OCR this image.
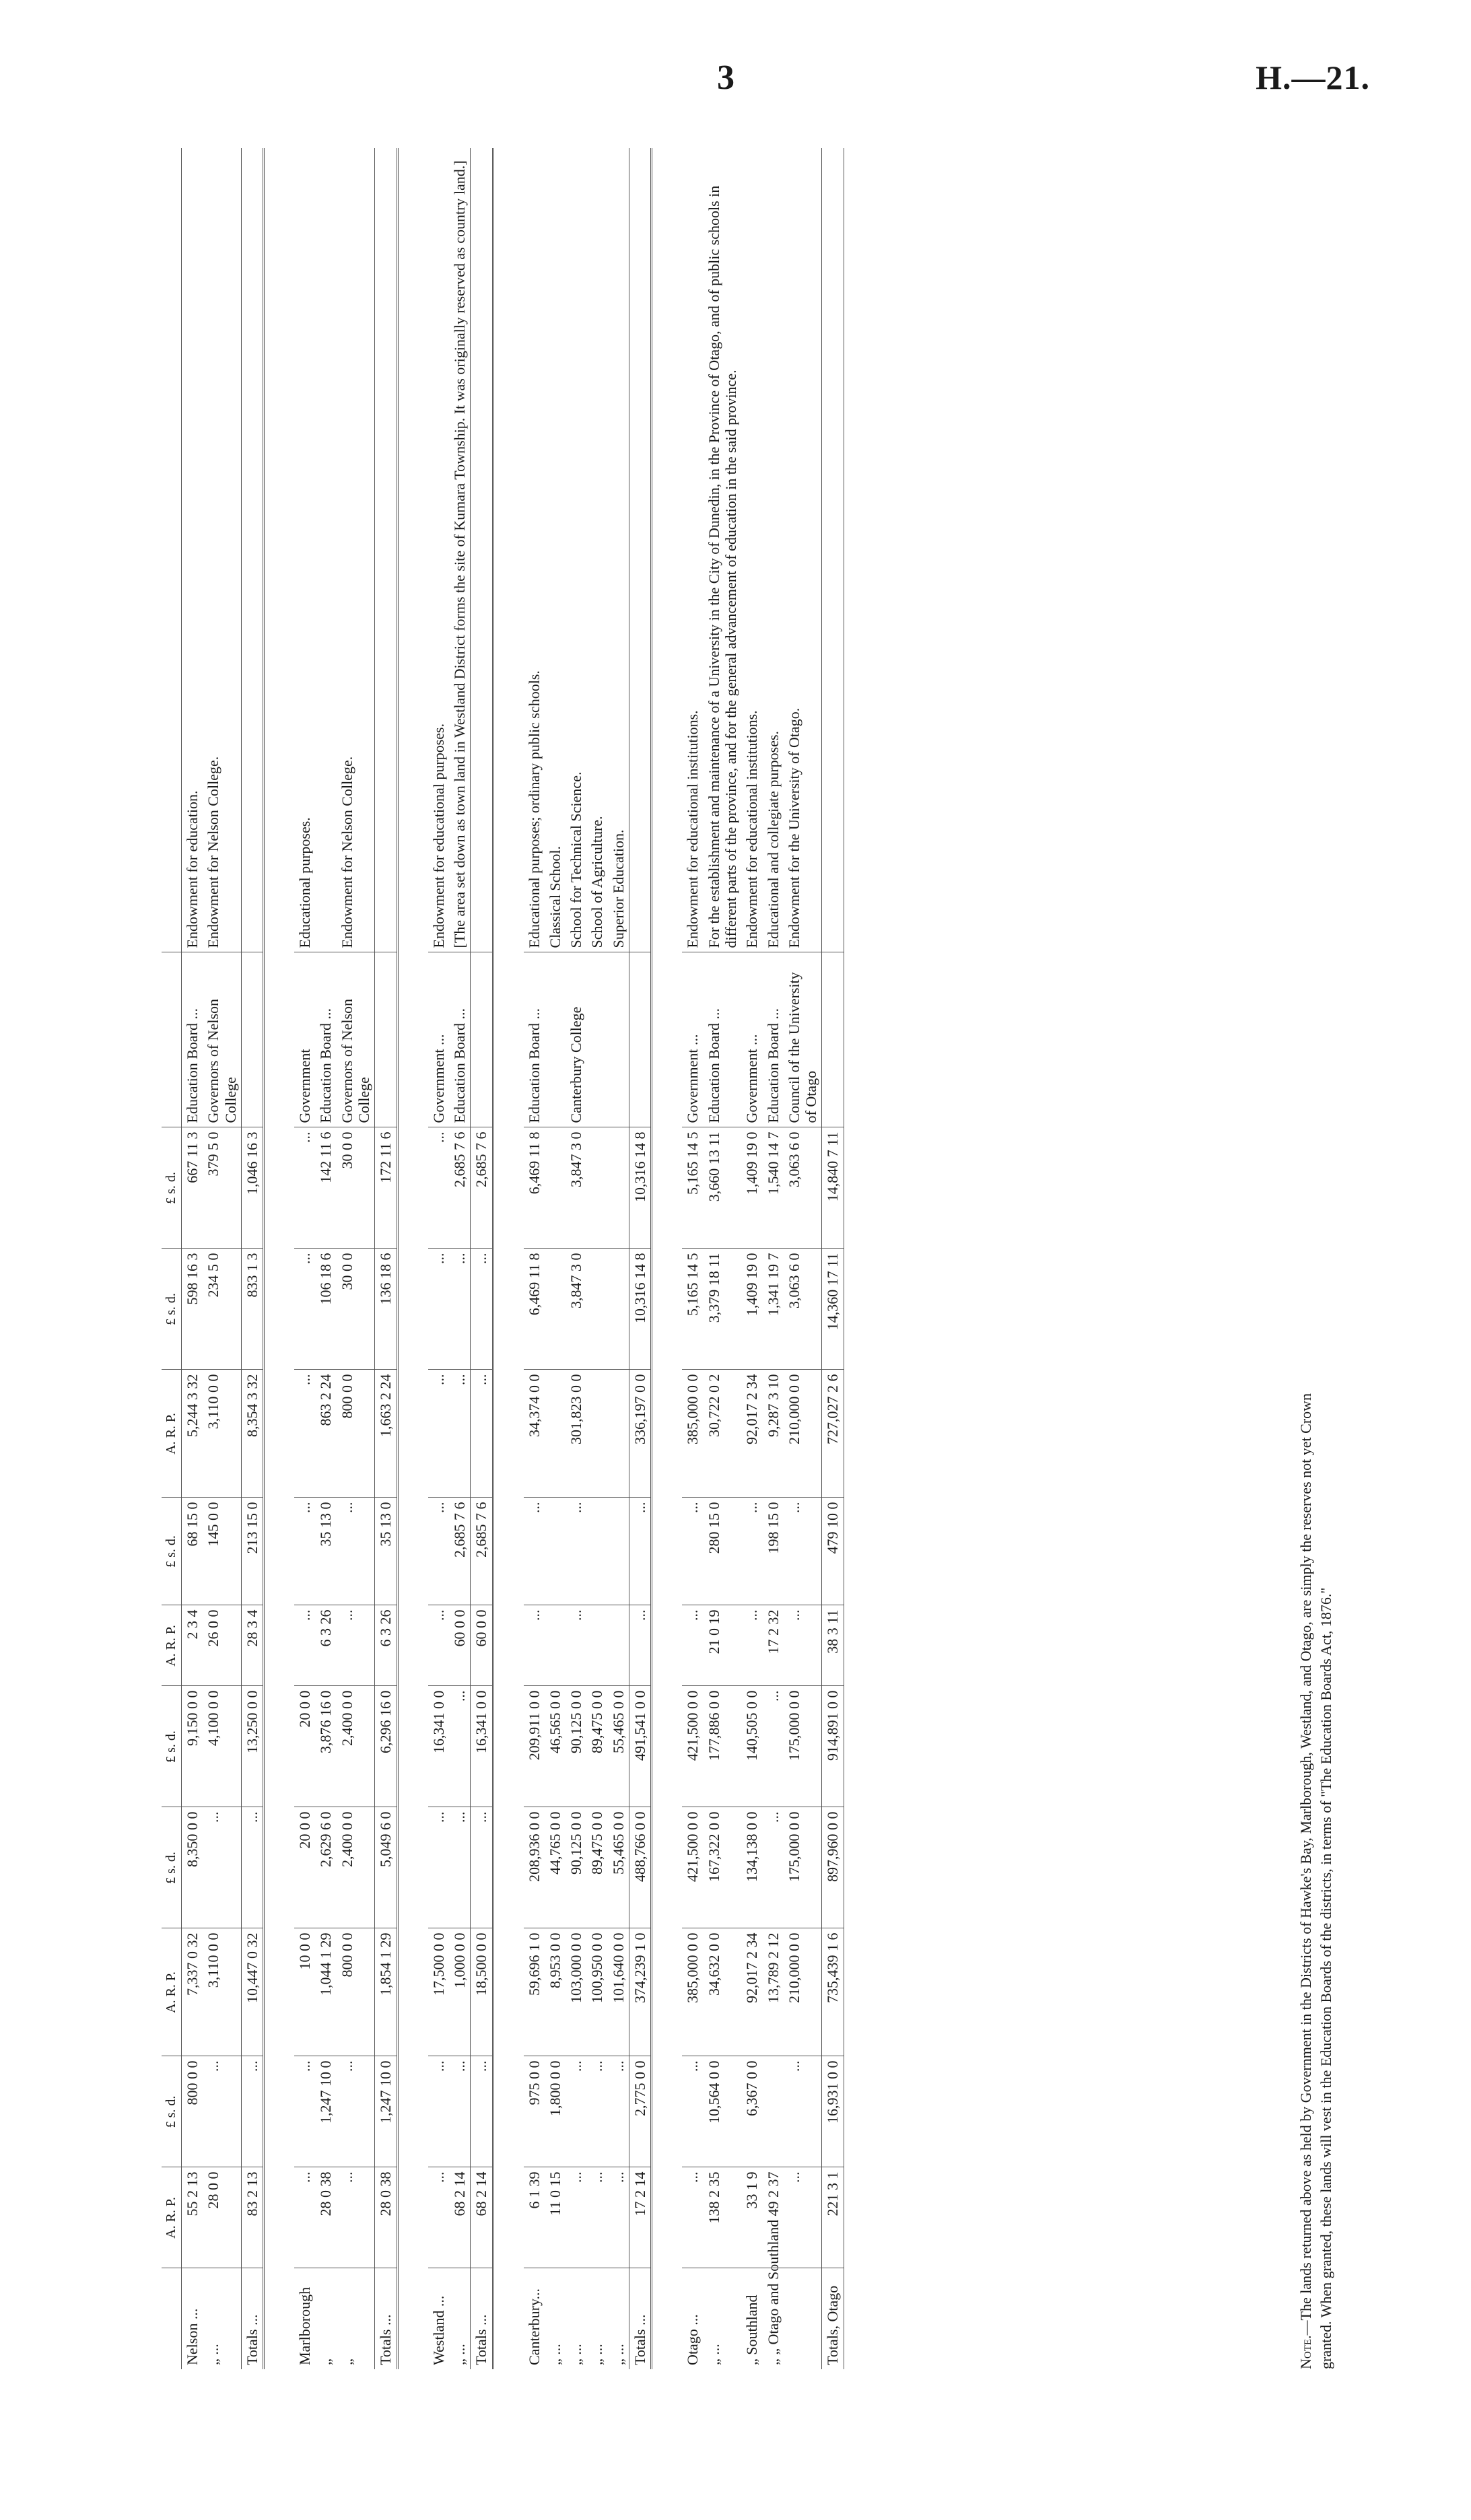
3	H.—21.
	A. R. P.	£ s. d.	A. R. P.	£ s. d.	£ s. d.	A. R. P.	£ s. d.	A. R. P.	£ s. d.	£ s. d.		
Nelson ...	55 2 13	800 0 0	7,337 0 32	8,350 0 0	9,150 0 0	2 3 4	68 15 0	5,244 3 32	598 16 3	667 11 3	Education Board ...	Endowment for education.
„ ...	28 0 0	...	3,110 0 0	...	4,100 0 0	26 0 0	145 0 0	3,110 0 0	234 5 0	379 5 0	Governors of Nelson College	Endowment for Nelson College.
Totals ...	83 2 13	...	10,447 0 32	...	13,250 0 0	28 3 4	213 15 0	8,354 3 32	833 1 3	1,046 16 3		

Marlborough	...	...	10 0 0	20 0 0	20 0 0	...	...	...	...	...	Government	Educational purposes.
„	28 0 38	1,247 10 0	1,044 1 29	2,629 6 0	3,876 16 0	6 3 26	35 13 0	863 2 24	106 18 6	142 11 6	Education Board ...	
„	...	...	800 0 0	2,400 0 0	2,400 0 0	...	...	800 0 0	30 0 0	30 0 0	Governors of Nelson College	Endowment for Nelson College.
Totals ...	28 0 38	1,247 10 0	1,854 1 29	5,049 6 0	6,296 16 0	6 3 26	35 13 0	1,663 2 24	136 18 6	172 11 6		

Westland ...	...	...	17,500 0 0	...	16,341 0 0	...	...	...	...	...	Government ...	Endowment for educational purposes.
„ ...	68 2 14	...	1,000 0 0	...	...	60 0 0	2,685 7 6	...	...	2,685 7 6	Education Board ...	[The area set down as town land in Westland District forms the site of Kumara Township. It was originally reserved as country land.]
Totals ...	68 2 14	...	18,500 0 0	...	16,341 0 0	60 0 0	2,685 7 6	...	...	2,685 7 6		

Canterbury...	6 1 39	975 0 0	59,696 1 0	208,936 0 0	209,911 0 0	...	...	34,374 0 0	6,469 11 8	6,469 11 8	Education Board ...	Educational purposes; ordinary public schools.
„ ...	11 0 15	1,800 0 0	8,953 0 0	44,765 0 0	46,565 0 0							Classical School.
„ ...	...	...	103,000 0 0	90,125 0 0	90,125 0 0	...	...	301,823 0 0	3,847 3 0	3,847 3 0	Canterbury College	School for Technical Science.
„ ...	...	...	100,950 0 0	89,475 0 0	89,475 0 0							School of Agriculture.
„ ...	...	...	101,640 0 0	55,465 0 0	55,465 0 0							Superior Education.
Totals ...	17 2 14	2,775 0 0	374,239 1 0	488,766 0 0	491,541 0 0	...	...	336,197 0 0	10,316 14 8	10,316 14 8		

Otago ...	...	...	385,000 0 0	421,500 0 0	421,500 0 0	...	...	385,000 0 0	5,165 14 5	5,165 14 5	Government ...	Endowment for educational institutions.
„ ...	138 2 35	10,564 0 0	34,632 0 0	167,322 0 0	177,886 0 0	21 0 19	280 15 0	30,722 0 2	3,379 18 11	3,660 13 11	Education Board ...	For the establishment and maintenance of a University in the City of Dunedin, in the Province of Otago, and of public schools in different parts of the province, and for the general advancement of education in the said province.
„ Southland	33 1 9	6,367 0 0	92,017 2 34	134,138 0 0	140,505 0 0	...	...	92,017 2 34	1,409 19 0	1,409 19 0	Government ...	Endowment for educational institutions.
„ „ Otago and Southland	49 2 37		13,789 2 12	...	...	17 2 32	198 15 0	9,287 3 10	1,341 19 7	1,540 14 7	Education Board ...	Educational and collegiate purposes.
	...	...	210,000 0 0	175,000 0 0	175,000 0 0	...	...	210,000 0 0	3,063 6 0	3,063 6 0	Council of the University of Otago	Endowment for the University of Otago.
Totals, Otago	221 3 1	16,931 0 0	735,439 1 6	897,960 0 0	914,891 0 0	38 3 11	479 10 0	727,027 2 6	14,360 17 11	14,840 7 11		
Note.—The lands returned above as held by Government in the Districts of Hawke's Bay, Marlborough, Westland, and Otago, are simply the reserves not yet Crown granted. When granted, these lands will vest in the Education Boards of the districts, in terms of "The Education Boards Act, 1876."
